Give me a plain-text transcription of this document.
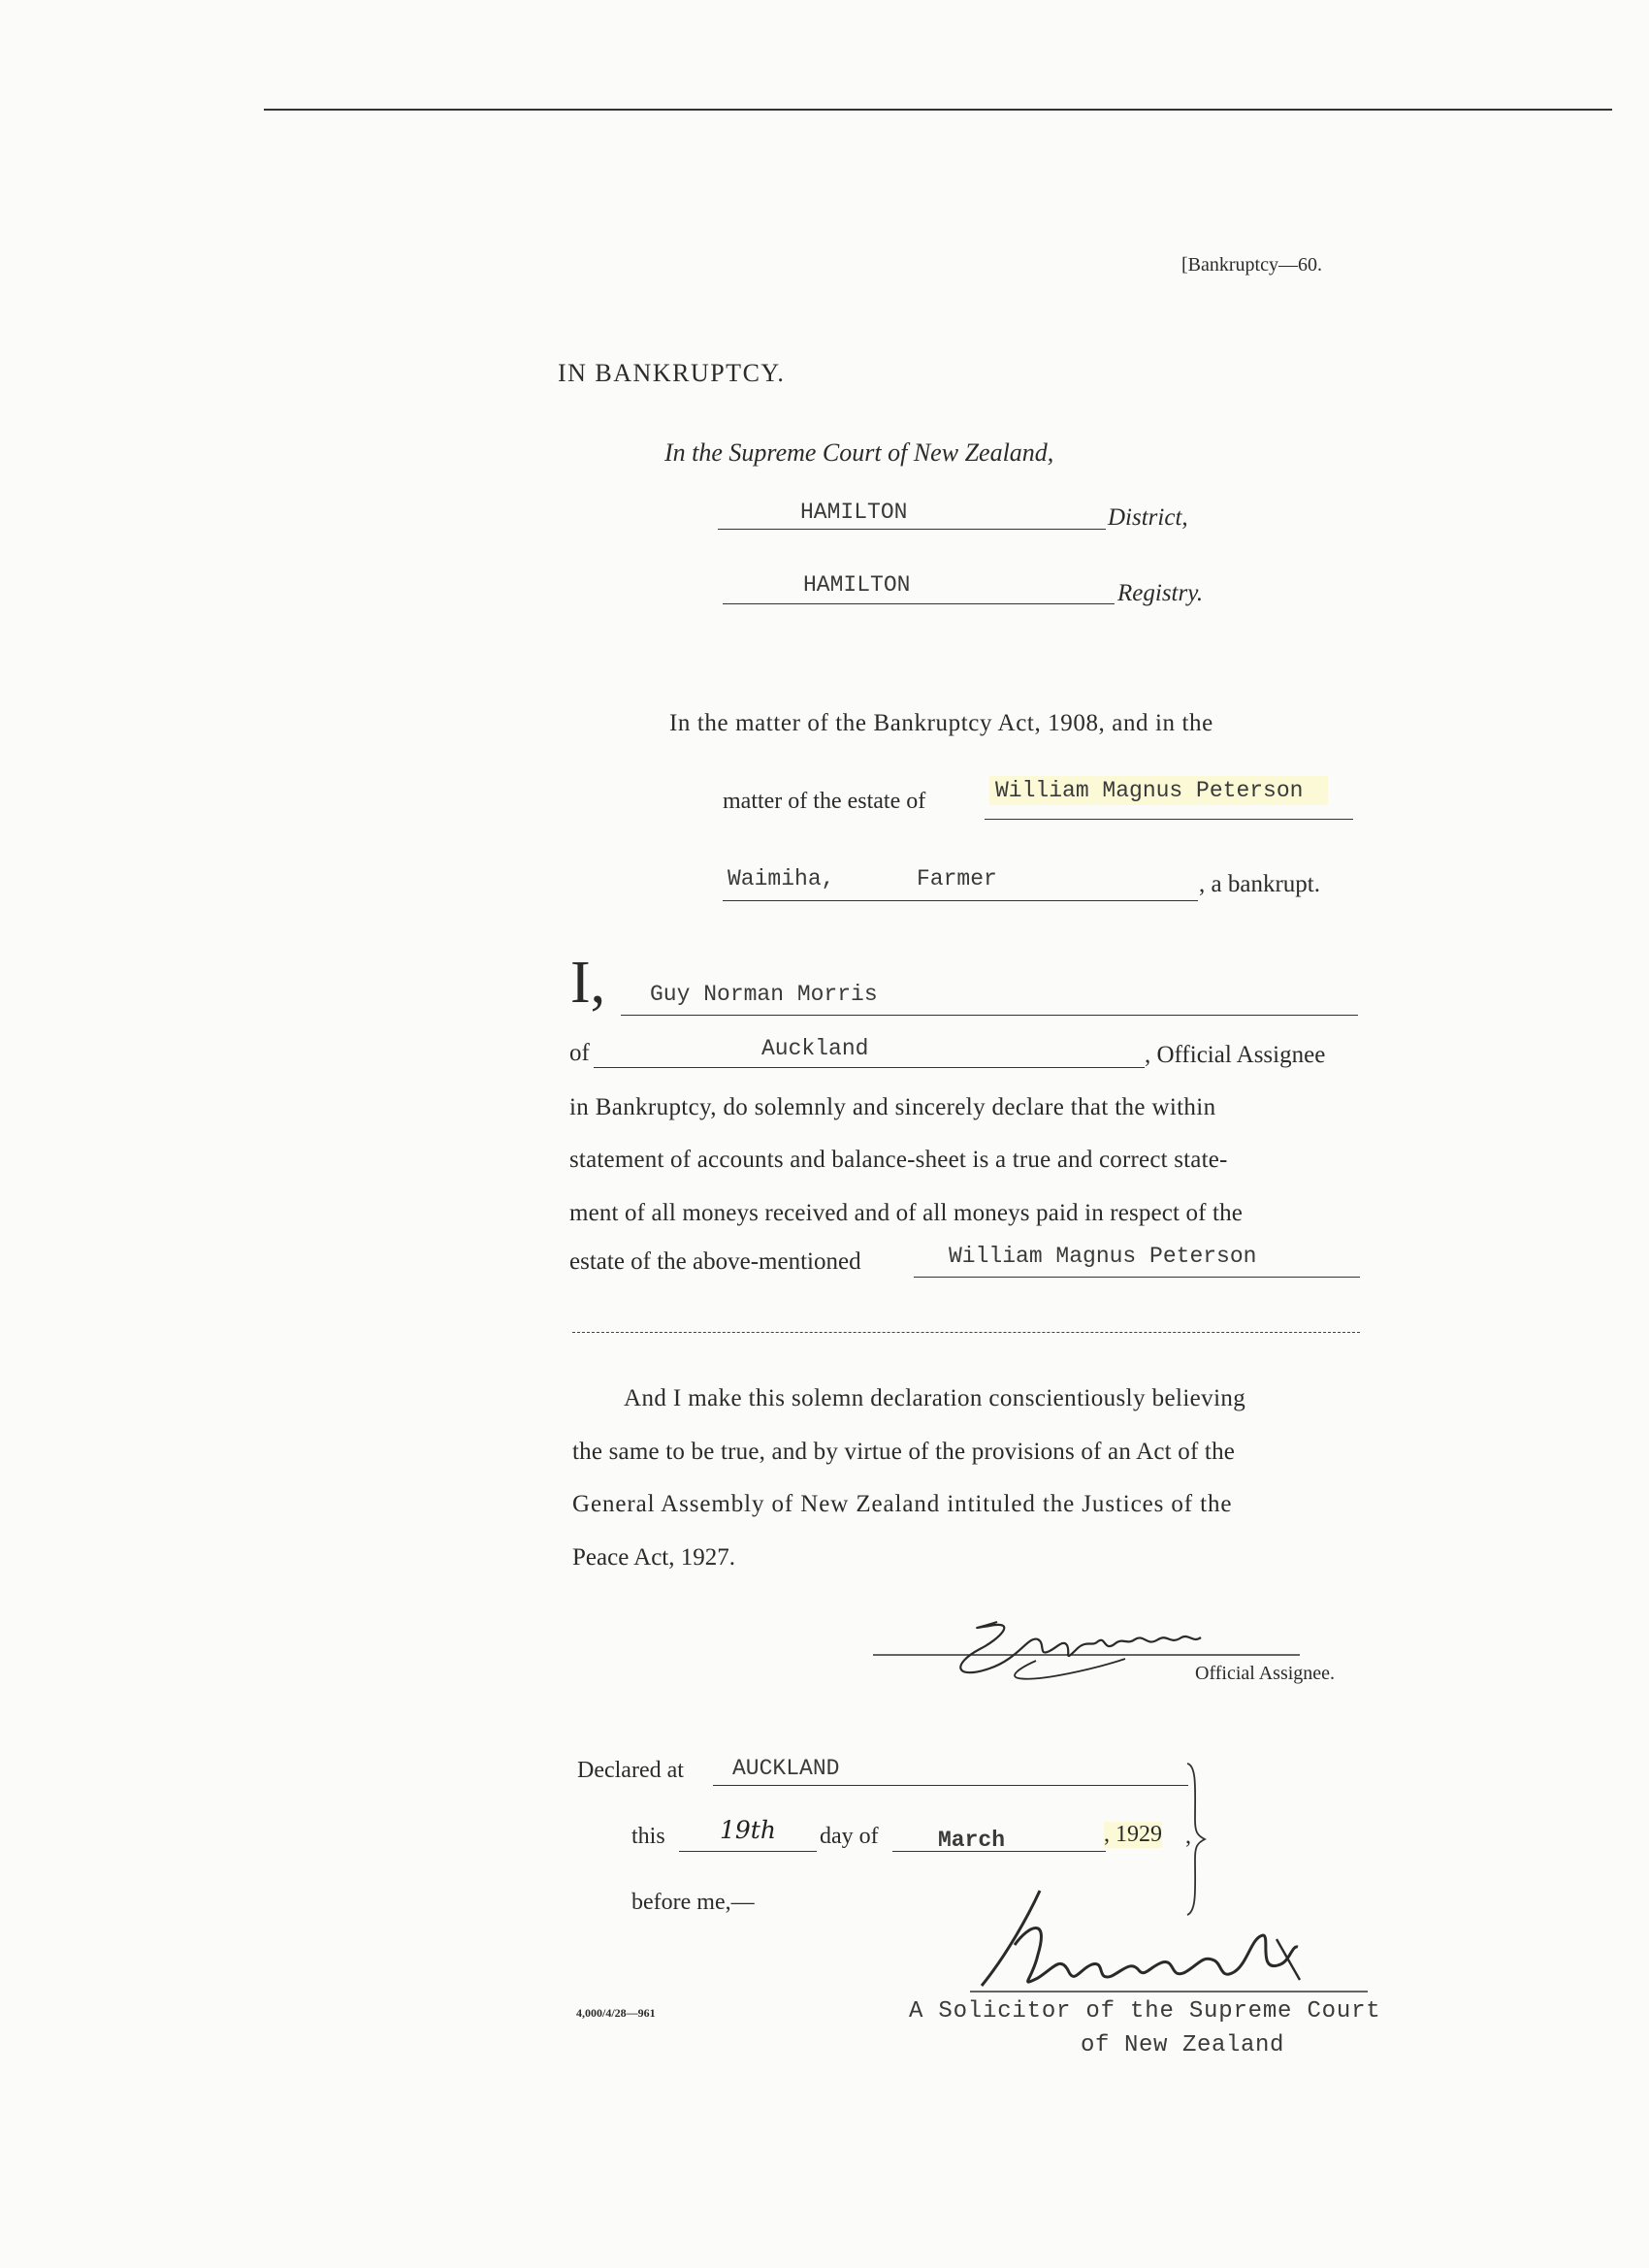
[Bankruptcy—60.
IN BANKRUPTCY.
In the Supreme Court of New Zealand,
HAMILTON	District,
HAMILTON	Registry.
In the matter of the Bankruptcy Act, 1908, and in the
matter of the estate of	William Magnus Peterson
Waimiha,	Farmer	, a bankrupt.
I, Guy Norman Morris
of	Auckland	, Official Assignee
in Bankruptcy, do solemnly and sincerely declare that the within
statement of accounts and balance-sheet is a true and correct state-
ment of all moneys received and of all moneys paid in respect of the
estate of the above-mentioned	William Magnus Peterson
And I make this solemn declaration conscientiously believing
the same to be true, and by virtue of the provisions of an Act of the
General Assembly of New Zealand intituled the Justices of the
Peace Act, 1927.
Official Assignee.
Declared at AUCKLAND
this 19th day of	March	, 1929 ,
before me,—
A Solicitor of the Supreme Court
of New Zealand
4,000/4/28—961
